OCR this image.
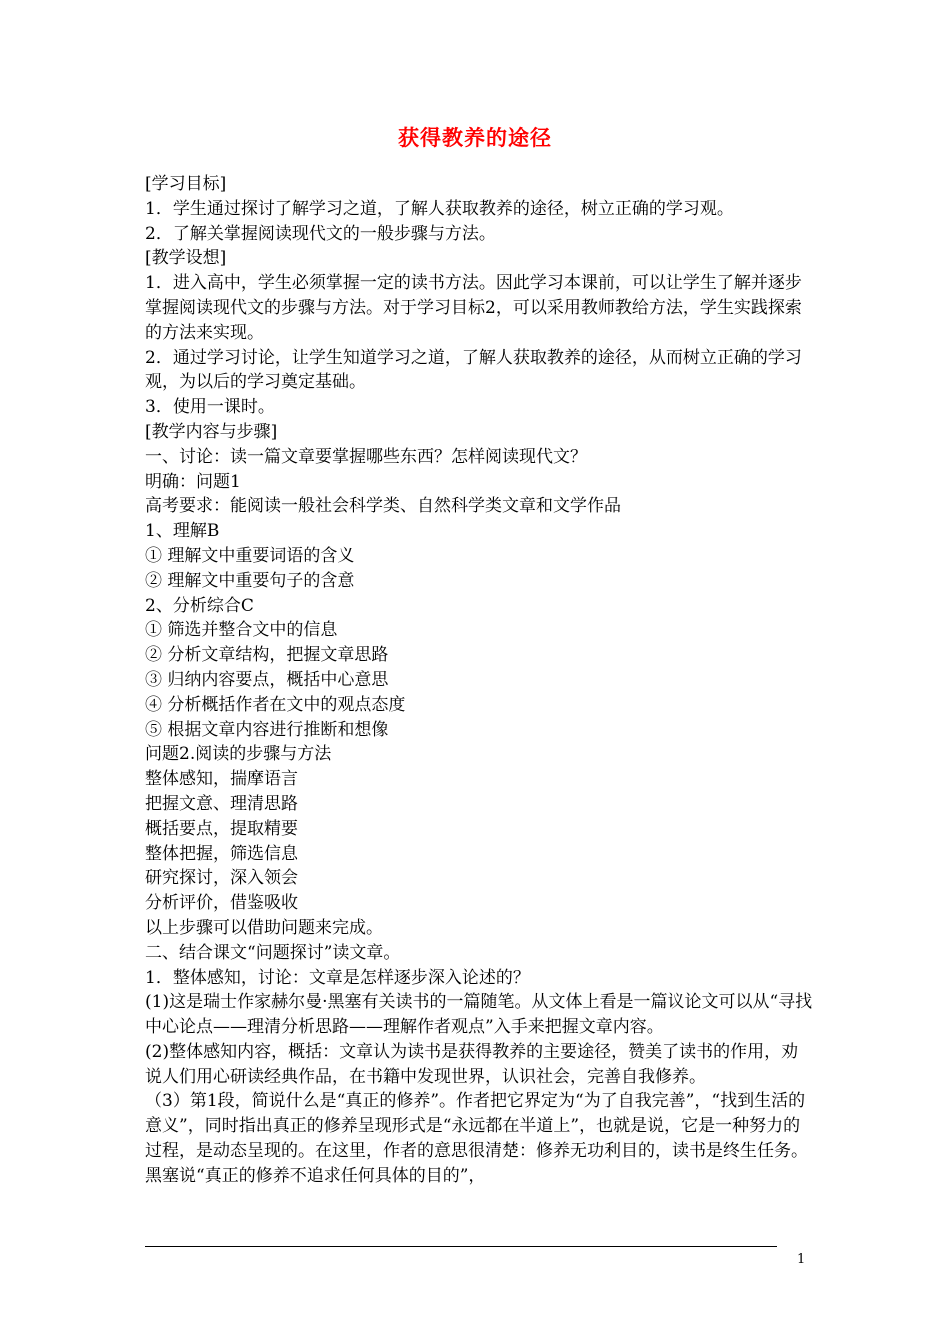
获得教养的途径

[学习目标]

1．学生通过探讨了解学习之道，了解人获取教养的途径，树立正确的学习观。

2．了解关掌握阅读现代文的一般步骤与方法。

[教学设想]

1．进入高中，学生必须掌握一定的读书方法。因此学习本课前，可以让学生了解并逐步掌握阅读现代文的步骤与方法。对于学习目标2，可以采用教师教给方法，学生实践探索的方法来实现。

2．通过学习讨论，让学生知道学习之道，了解人获取教养的途径，从而树立正确的学习观，为以后的学习奠定基础。

3．使用一课时。

[教学内容与步骤]

一、讨论：读一篇文章要掌握哪些东西？怎样阅读现代文？

明确：问题1

高考要求：能阅读一般社会科学类、自然科学类文章和文学作品

1、理解B

① 理解文中重要词语的含义

② 理解文中重要句子的含意

2、分析综合C

① 筛选并整合文中的信息

② 分析文章结构，把握文章思路

③ 归纳内容要点，概括中心意思

④ 分析概括作者在文中的观点态度

⑤ 根据文章内容进行推断和想像

问题2.阅读的步骤与方法

整体感知，揣摩语言

把握文意、理清思路

概括要点，提取精要

整体把握，筛选信息

研究探讨，深入领会

分析评价，借鉴吸收

以上步骤可以借助问题来完成。

二、结合课文“问题探讨”读文章。

1．整体感知，讨论：文章是怎样逐步深入论述的？

(1)这是瑞士作家赫尔曼·黑塞有关读书的一篇随笔。从文体上看是一篇议论文可以从“寻找中心论点——理清分析思路——理解作者观点”入手来把握文章内容。

(2)整体感知内容，概括：文章认为读书是获得教养的主要途径，赞美了读书的作用，劝说人们用心研读经典作品，在书籍中发现世界，认识社会，完善自我修养。

（3）第1段，简说什么是“真正的修养”。作者把它界定为“为了自我完善”，“找到生活的意义”，同时指出真正的修养呈现形式是“永远都在半道上”，也就是说，它是一种努力的过程，是动态呈现的。在这里，作者的意思很清楚：修养无功利目的，读书是终生任务。黑塞说“真正的修养不追求任何具体的目的”，

1
